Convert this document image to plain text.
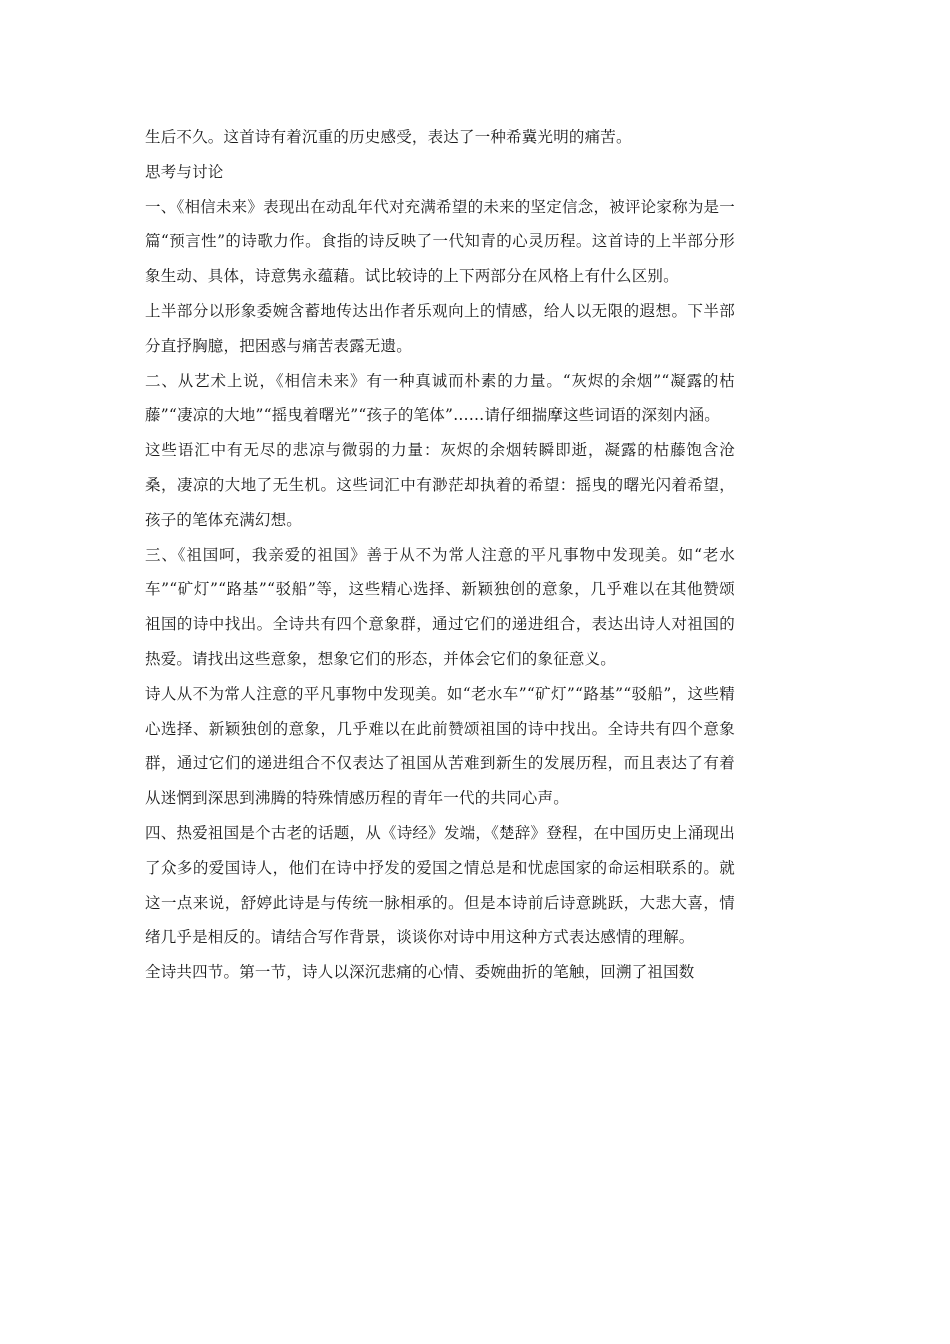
生后不久。这首诗有着沉重的历史感受，表达了一种希冀光明的痛苦。

思考与讨论

一、《相信未来》表现出在动乱年代对充满希望的未来的坚定信念，被评论家称为是一篇“预言性”的诗歌力作。食指的诗反映了一代知青的心灵历程。这首诗的上半部分形象生动、具体，诗意隽永蕴藉。试比较诗的上下两部分在风格上有什么区别。

上半部分以形象委婉含蓄地传达出作者乐观向上的情感，给人以无限的遐想。下半部分直抒胸臆，把困惑与痛苦表露无遗。

二、从艺术上说，《相信未来》有一种真诚而朴素的力量。“灰烬的余烟”“凝露的枯藤”“凄凉的大地”“摇曳着曙光”“孩子的笔体”……请仔细揣摩这些词语的深刻内涵。

这些语汇中有无尽的悲凉与微弱的力量：灰烬的余烟转瞬即逝，凝露的枯藤饱含沧桑，凄凉的大地了无生机。这些词汇中有渺茫却执着的希望：摇曳的曙光闪着希望，孩子的笔体充满幻想。

三、《祖国呵，我亲爱的祖国》善于从不为常人注意的平凡事物中发现美。如“老水车”“矿灯”“路基”“驳船”等，这些精心选择、新颖独创的意象，几乎难以在其他赞颂祖国的诗中找出。全诗共有四个意象群，通过它们的递进组合，表达出诗人对祖国的热爱。请找出这些意象，想象它们的形态，并体会它们的象征意义。

诗人从不为常人注意的平凡事物中发现美。如“老水车”“矿灯”“路基”“驳船”，这些精心选择、新颖独创的意象，几乎难以在此前赞颂祖国的诗中找出。全诗共有四个意象群，通过它们的递进组合不仅表达了祖国从苦难到新生的发展历程，而且表达了有着从迷惘到深思到沸腾的特殊情感历程的青年一代的共同心声。

四、热爱祖国是个古老的话题，从《诗经》发端，《楚辞》登程，在中国历史上涌现出了众多的爱国诗人，他们在诗中抒发的爱国之情总是和忧虑国家的命运相联系的。就这一点来说，舒婷此诗是与传统一脉相承的。但是本诗前后诗意跳跃，大悲大喜，情绪几乎是相反的。请结合写作背景，谈谈你对诗中用这种方式表达感情的理解。

全诗共四节。第一节，诗人以深沉悲痛的心情、委婉曲折的笔触，回溯了祖国数
